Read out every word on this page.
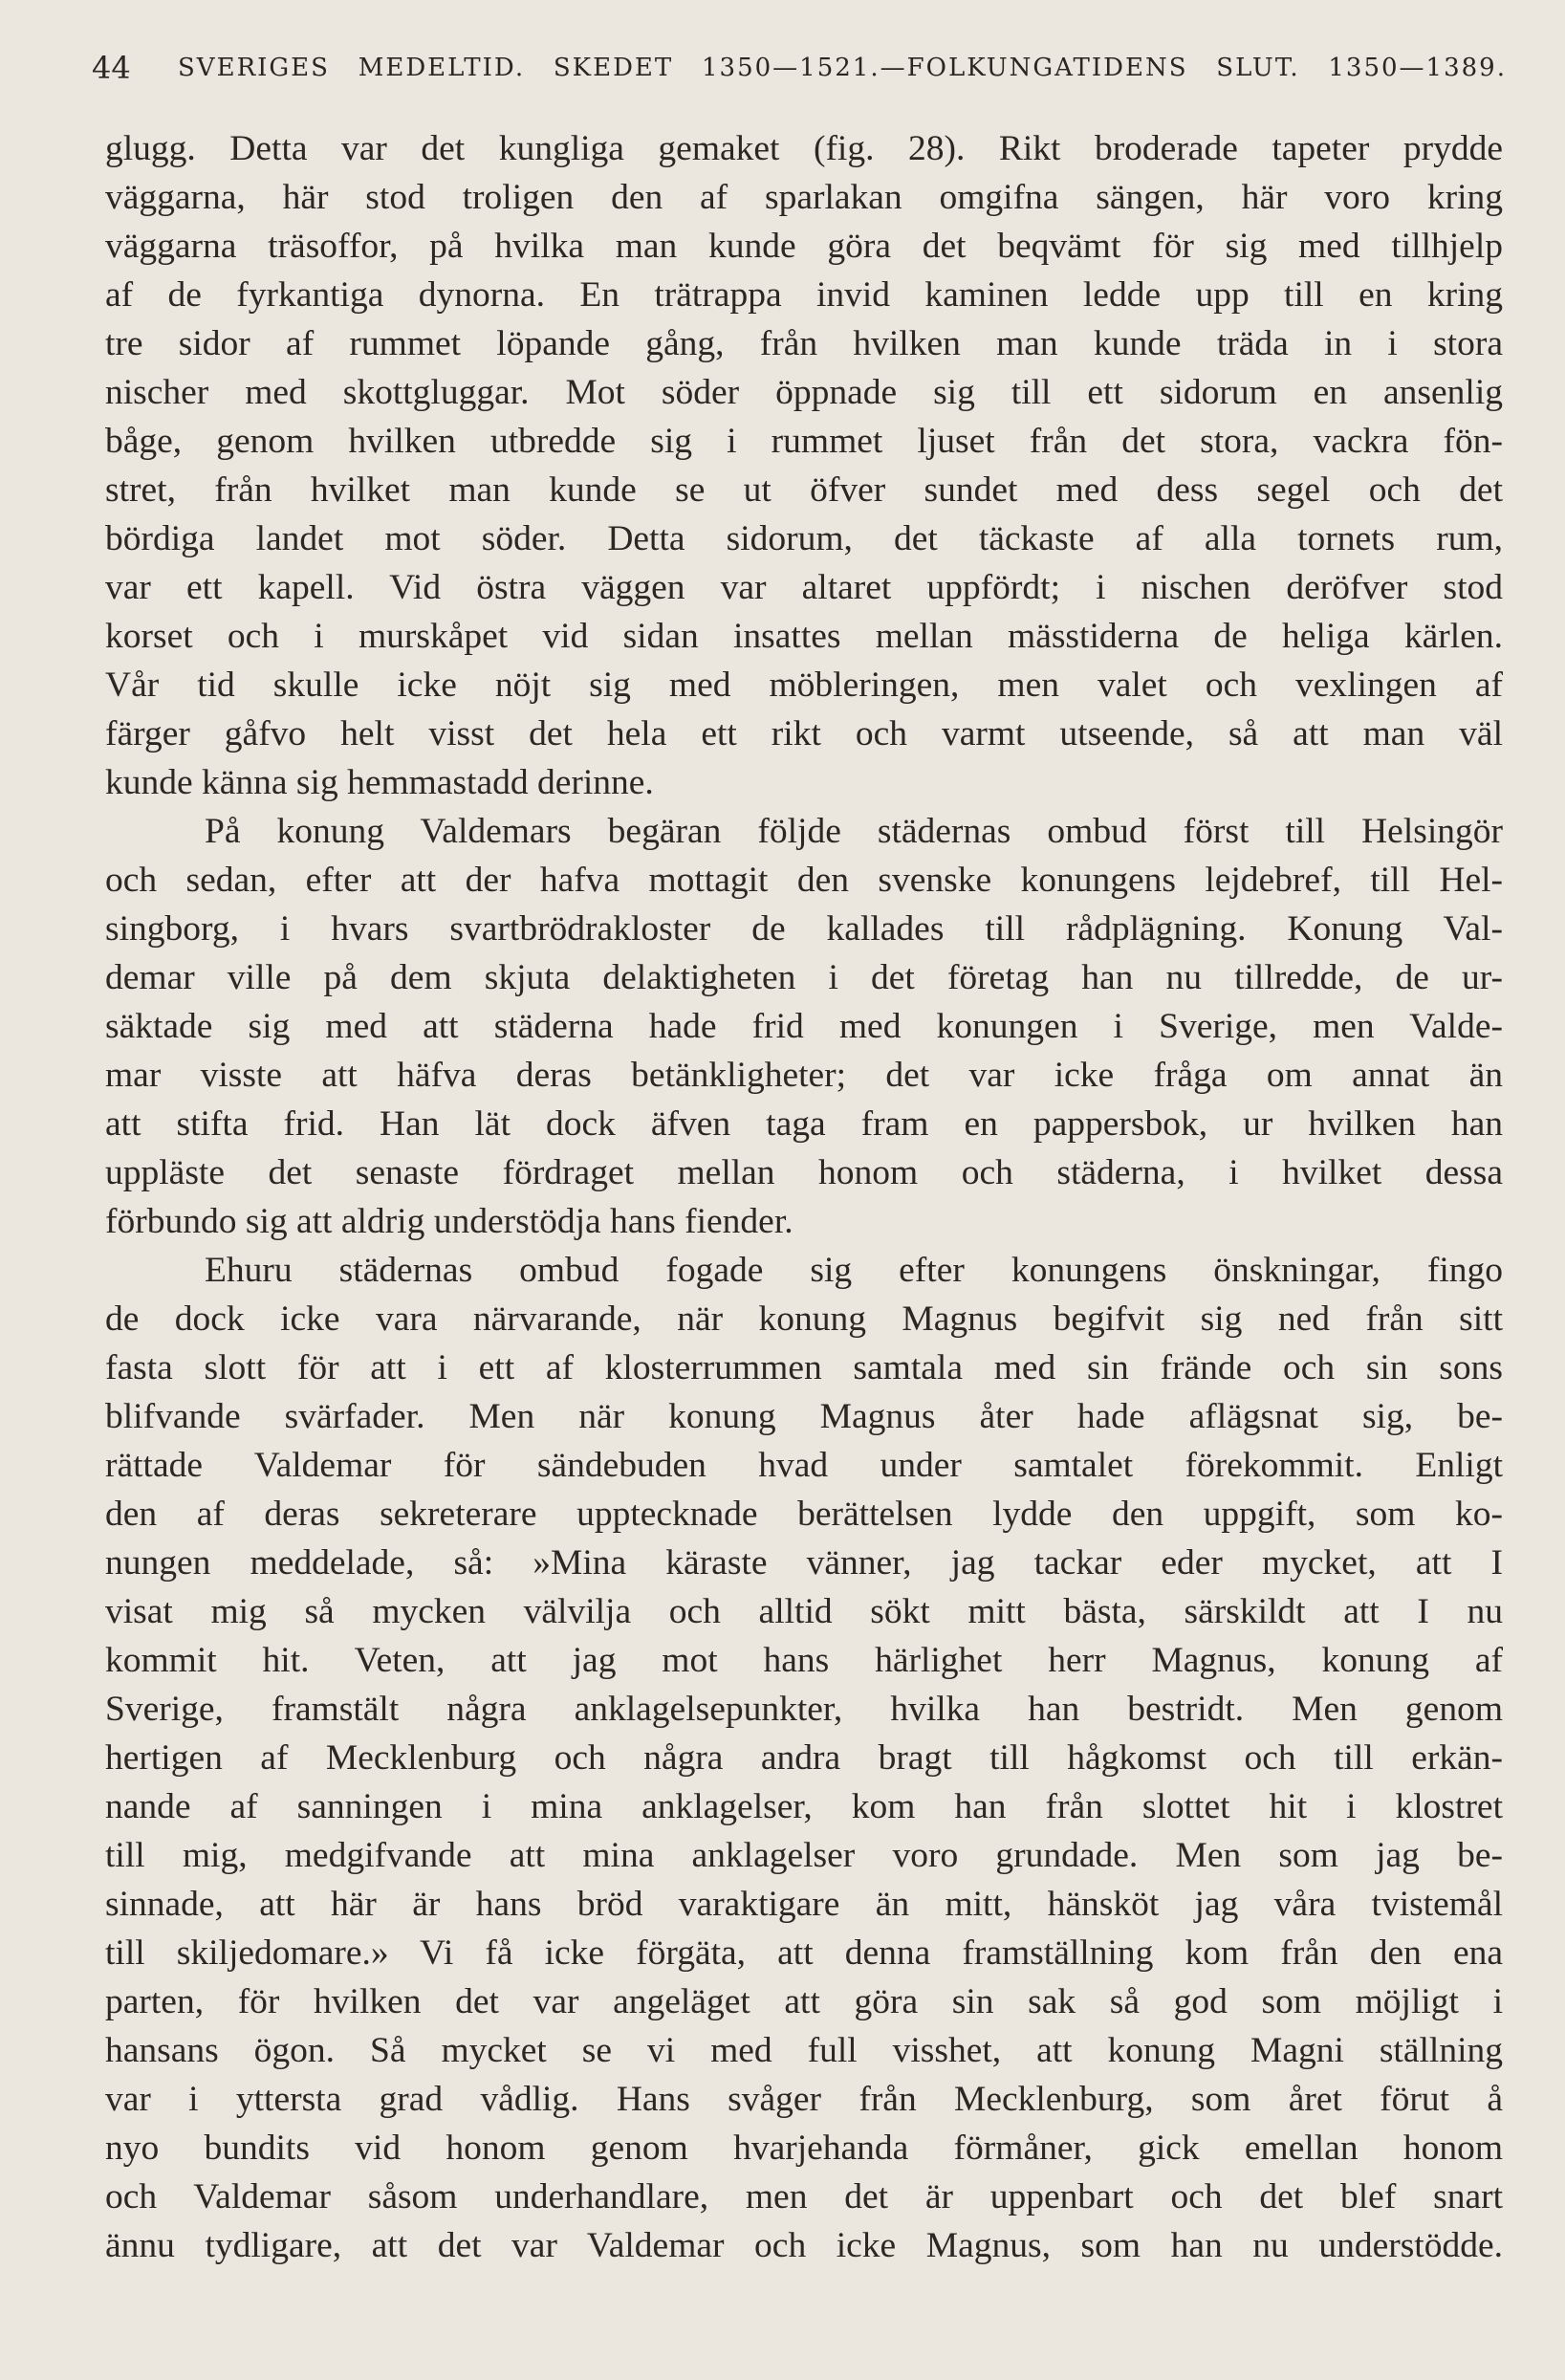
44 SVERIGES MEDELTID. SKEDET 1350—1521.—FOLKUNGATIDENS SLUT. 1350—1389.
glugg. Detta var det kungliga gemaket (fig. 28). Rikt broderade tapeter prydde
väggarna, här stod troligen den af sparlakan omgifna sängen, här voro kring
väggarna träsoffor, på hvilka man kunde göra det beqvämt för sig med tillhjelp
af de fyrkantiga dynorna. En trätrappa invid kaminen ledde upp till en kring
tre sidor af rummet löpande gång, från hvilken man kunde träda in i stora
nischer med skottgluggar. Mot söder öppnade sig till ett sidorum en ansenlig
båge, genom hvilken utbredde sig i rummet ljuset från det stora, vackra fön-
stret, från hvilket man kunde se ut öfver sundet med dess segel och det
bördiga landet mot söder. Detta sidorum, det täckaste af alla tornets rum,
var ett kapell. Vid östra väggen var altaret uppfördt; i nischen deröfver stod
korset och i murskåpet vid sidan insattes mellan mässtiderna de heliga kärlen.
Vår tid skulle icke nöjt sig med möbleringen, men valet och vexlingen af
färger gåfvo helt visst det hela ett rikt och varmt utseende, så att man väl
kunde känna sig hemmastadd derinne.
På konung Valdemars begäran följde städernas ombud först till Helsingör
och sedan, efter att der hafva mottagit den svenske konungens lejdebref, till Hel-
singborg, i hvars svartbrödrakloster de kallades till rådplägning. Konung Val-
demar ville på dem skjuta delaktigheten i det företag han nu tillredde, de ur-
säktade sig med att städerna hade frid med konungen i Sverige, men Valde-
mar visste att häfva deras betänkligheter; det var icke fråga om annat än
att stifta frid. Han lät dock äfven taga fram en pappersbok, ur hvilken han
uppläste det senaste fördraget mellan honom och städerna, i hvilket dessa
förbundo sig att aldrig understödja hans fiender.
Ehuru städernas ombud fogade sig efter konungens önskningar, fingo
de dock icke vara närvarande, när konung Magnus begifvit sig ned från sitt
fasta slott för att i ett af klosterrummen samtala med sin frände och sin sons
blifvande svärfader. Men när konung Magnus åter hade aflägsnat sig, be-
rättade Valdemar för sändebuden hvad under samtalet förekommit. Enligt
den af deras sekreterare upptecknade berättelsen lydde den uppgift, som ko-
nungen meddelade, så: »Mina käraste vänner, jag tackar eder mycket, att I
visat mig så mycken välvilja och alltid sökt mitt bästa, särskildt att I nu
kommit hit. Veten, att jag mot hans härlighet herr Magnus, konung af
Sverige, framstält några anklagelsepunkter, hvilka han bestridt. Men genom
hertigen af Mecklenburg och några andra bragt till hågkomst och till erkän-
nande af sanningen i mina anklagelser, kom han från slottet hit i klostret
till mig, medgifvande att mina anklagelser voro grundade. Men som jag be-
sinnade, att här är hans bröd varaktigare än mitt, hänsköt jag våra tvistemål
till skiljedomare.» Vi få icke förgäta, att denna framställning kom från den ena
parten, för hvilken det var angeläget att göra sin sak så god som möjligt i
hansans ögon. Så mycket se vi med full visshet, att konung Magni ställning
var i yttersta grad vådlig. Hans svåger från Mecklenburg, som året förut å
nyo bundits vid honom genom hvarjehanda förmåner, gick emellan honom
och Valdemar såsom underhandlare, men det är uppenbart och det blef snart
ännu tydligare, att det var Valdemar och icke Magnus, som han nu understödde.
